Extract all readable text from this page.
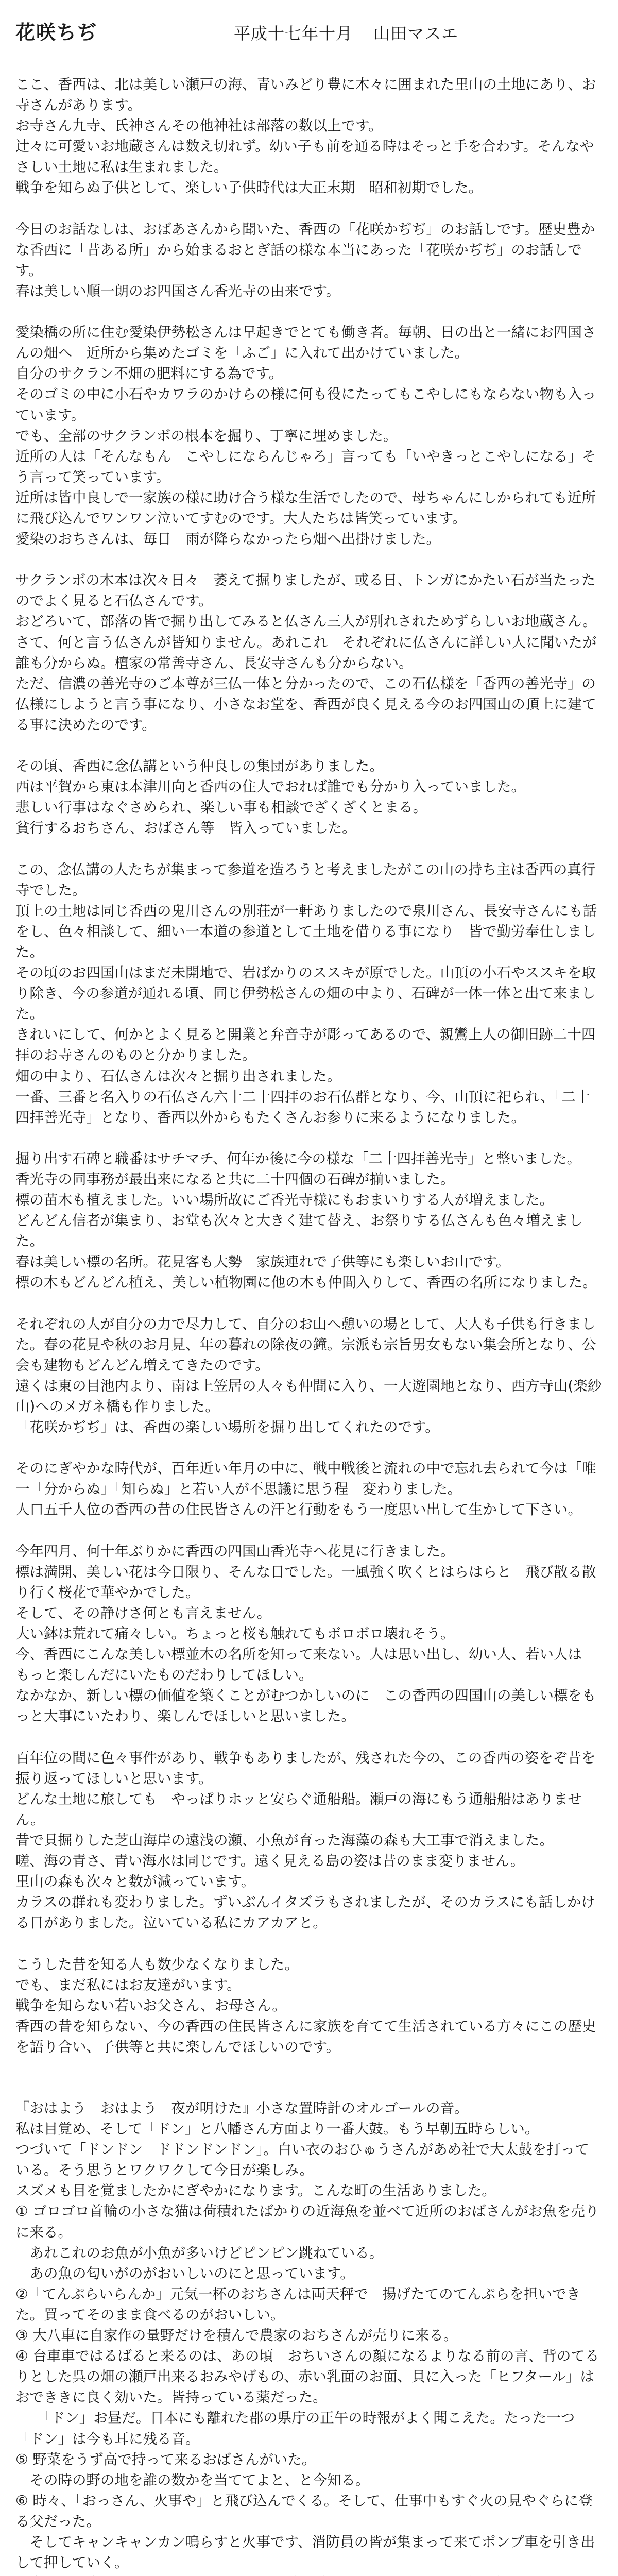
花咲ちぢ	平成十七年十月 山田マスエ
ここ、香西は、北は美しい瀬戸の海、青いみどり豊に木々に囲まれた里山の土地にあり、お寺さんがあります。
お寺さん九寺、氏神さんその他神社は部落の数以上です。
辻々に可愛いお地蔵さんは数え切れず。幼い子も前を通る時はそっと手を合わす。そんなやさしい土地に私は生まれました。
戦争を知らぬ子供として、楽しい子供時代は大正末期　昭和初期でした。
今日のお話なしは、おばあさんから聞いた、香西の「花咲かぢぢ」のお話しです。歴史豊かな香西に「昔ある所」から始まるおとぎ話の様な本当にあった「花咲かぢぢ」のお話しです。
春は美しい順一朗のお四国さん香光寺の由来です。
愛染橋の所に住む愛染伊勢松さんは早起きでとても働き者。毎朝、日の出と一緒にお四国さんの畑へ　近所から集めたゴミを「ふご」に入れて出かけていました。
自分のサクラン不畑の肥料にする為です。
そのゴミの中に小石やカワラのかけらの様に何も役にたってもこやしにもならない物も入っています。
でも、全部のサクランボの根本を掘り、丁寧に埋めました。
近所の人は「そんなもん　こやしにならんじゃろ」言っても「いやきっとこやしになる」そう言って笑っています。
近所は皆中良しで一家族の様に助け合う様な生活でしたので、母ちゃんにしかられても近所に飛び込んでワンワン泣いてすむのです。大人たちは皆笑っています。
愛染のおちさんは、毎日　雨が降らなかったら畑へ出掛けました。
サクランボの木本は次々日々　萎えて掘りましたが、或る日、トンガにかたい石が当たったのでよく見ると石仏さんです。
おどろいて、部落の皆で掘り出してみると仏さん三人が別れされためずらしいお地蔵さん。
さて、何と言う仏さんが皆知りません。あれこれ　それぞれに仏さんに詳しい人に聞いたが誰も分からぬ。檀家の常善寺さん、長安寺さんも分からない。
ただ、信濃の善光寺のご本尊が三仏一体と分かったので、この石仏様を「香西の善光寺」の仏様にしようと言う事になり、小さなお堂を、香西が良く見える今のお四国山の頂上に建てる事に決めたのです。
その頃、香西に念仏講という仲良しの集団がありました。
西は平賀から東は本津川向と香西の住人でおれば誰でも分かり入っていました。
悲しい行事はなぐさめられ、楽しい事も相談でざくざくとまる。
貧行するおちさん、おばさん等　皆入っていました。
この、念仏講の人たちが集まって参道を造ろうと考えましたがこの山の持ち主は香西の真行寺でした。
頂上の土地は同じ香西の鬼川さんの別荘が一軒ありましたので泉川さん、長安寺さんにも話をし、色々相談して、細い一本道の参道として土地を借りる事になり　皆で勤労奉仕しました。
その頃のお四国山はまだ未開地で、岩ばかりのススキが原でした。山頂の小石やススキを取り除き、今の参道が通れる頃、同じ伊勢松さんの畑の中より、石碑が一体一体と出て来ました。
きれいにして、何かとよく見ると開業と弁音寺が彫ってあるので、親鸞上人の御旧跡二十四拝のお寺さんのものと分かりました。
畑の中より、石仏さんは次々と掘り出されました。
一番、三番と名入りの石仏さん六十二十四拝のお石仏群となり、今、山頂に祀られ、「二十四拝善光寺」となり、香西以外からもたくさんお参りに来るようになりました。
掘り出す石碑と職番はサチマチ、何年か後に今の様な「二十四拝善光寺」と整いました。
香光寺の同事務が最出来になると共に二十四個の石碑が揃いました。
標の苗木も植えました。いい場所故にご香光寺様にもおまいりする人が増えました。
どんどん信者が集まり、お堂も次々と大きく建て替え、お祭りする仏さんも色々増えました。
春は美しい標の名所。花見客も大勢　家族連れで子供等にも楽しいお山です。
標の木もどんどん植え、美しい植物園に他の木も仲間入りして、香西の名所になりました。
それぞれの人が自分の力で尽力して、自分のお山へ憩いの場として、大人も子供も行きました。春の花見や秋のお月見、年の暮れの除夜の鐘。宗派も宗旨男女もない集会所となり、公会も建物もどんどん増えてきたのです。
遠くは東の目池内より、南は上笠居の人々も仲間に入り、一大遊園地となり、西方寺山(楽紗山)へのメガネ橋も作りました。
「花咲かぢぢ」は、香西の楽しい場所を掘り出してくれたのです。
そのにぎやかな時代が、百年近い年月の中に、戦中戦後と流れの中で忘れ去られて今は「唯一「分からぬ」「知らぬ」と若い人が不思議に思う程　変わりました。
人口五千人位の香西の昔の住民皆さんの汗と行動をもう一度思い出して生かして下さい。
今年四月、何十年ぶりかに香西の四国山香光寺へ花見に行きました。
標は満開、美しい花は今日限り、そんな日でした。一風強く吹くとはらはらと　飛び散る散り行く桜花で華やかでした。
そして、その静けさ何とも言えません。
大い鉢は荒れて痛々しい。ちょっと桜も触れてもボロボロ壊れそう。
今、香西にこんな美しい標並木の名所を知って来ない。人は思い出し、幼い人、若い人は　もっと楽しんだにいたものだわりしてほしい。
なかなか、新しい標の価値を築くことがむつかしいのに　この香西の四国山の美しい標をもっと大事にいたわり、楽しんでほしいと思いました。
百年位の間に色々事件があり、戦争もありましたが、残された今の、この香西の姿をぞ昔を振り返ってほしいと思います。
どんな土地に旅しても　やっぱりホッと安らぐ通船船。瀬戸の海にもう通船船はありません。
昔で貝掘りした芝山海岸の遠浅の瀬、小魚が育った海藻の森も大工事で消えました。
嗟、海の青さ、青い海水は同じです。遠く見える島の姿は昔のまま変りません。
里山の森も次々と数が減っています。
カラスの群れも変わりました。ずいぶんイタズラもされましたが、そのカラスにも話しかける日がありました。泣いている私にカアカアと。
こうした昔を知る人も数少なくなりました。
でも、まだ私にはお友達がいます。
戦争を知らない若いお父さん、お母さん。
香西の昔を知らない、今の香西の住民皆さんに家族を育てて生活されている方々にこの歴史を語り合い、子供等と共に楽しんでほしいのです。
『おはよう　おはよう　夜が明けた』小さな置時計のオルゴールの音。
私は目覚め、そして「ドン」と八幡さん方面より一番大鼓。もう早朝五時らしい。
つづいて「ドンドン　ドドンドンドン」。白い衣のおひゅうさんがあめ社で大太鼓を打っている。そう思うとワクワクして今日が楽しみ。
スズメも目を覚ましたかにぎやかになります。こんな町の生活ありました。
① ゴロゴロ首輪の小さな猫は荷積れたばかりの近海魚を並べて近所のおばさんがお魚を売りに来る。
　あれこれのお魚が小魚が多いけどピンピン跳ねている。
　あの魚の匂いがのがおいしいのにと思っています。
②「てんぷらいらんか」元気一杯のおちさんは両天秤で　揚げたてのてんぷらを担いできた。買ってそのまま食べるのがおいしい。
③ 大八車に自家作の量野だけを積んで農家のおちさんが売りに来る。
④ 台車車ではるばると来るのは、あの頃　おちいさんの顔になるよりなる前の言、背のてるりとした呉の畑の瀬戸出来るおみやげもの、赤い乳面のお面、貝に入った「ヒフタール」はおでききに良く効いた。皆持っている薬だった。
　　「ドン」お昼だ。日本にも離れた郡の県庁の正午の時報がよく聞こえた。たった一つ「ドン」は今も耳に残る音。
⑤ 野菜をうず高で持って来るおばさんがいた。
　その時の野の地を誰の数かを当ててよと、と今知る。
⑥ 時々、「おっさん、火事や」と飛び込んでくる。そして、仕事中もすぐ火の見やぐらに登る父だった。
　そしてキャンキャンカン鳴らすと火事です、消防員の皆が集まって来てポンプ車を引き出して押していく。
